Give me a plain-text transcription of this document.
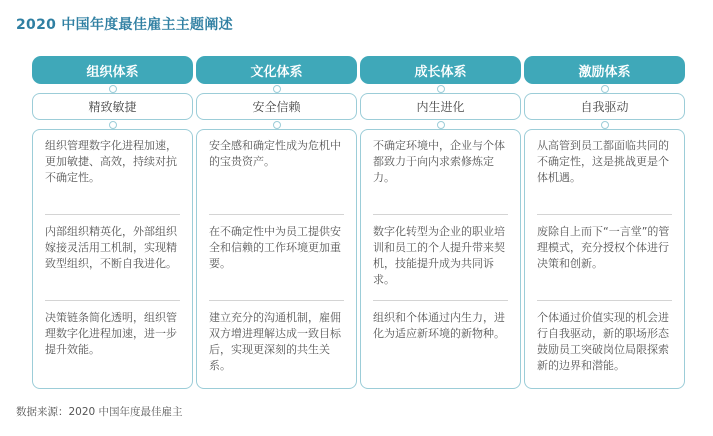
2020 中国年度最佳雇主主题阐述
组织体系
精致敏捷
组织管理数字化进程加速，更加敏捷、高效，持续对抗不确定性。
内部组织精英化，外部组织嫁接灵活用工机制，实现精致型组织，不断自我进化。
决策链条简化透明，组织管理数字化进程加速，进一步提升效能。
文化体系
安全信赖
安全感和确定性成为危机中的宝贵资产。
在不确定性中为员工提供安全和信赖的工作环境更加重要。
建立充分的沟通机制，雇佣双方增进理解达成一致目标后，实现更深刻的共生关系。
成长体系
内生进化
不确定环境中，企业与个体都致力于向内求索修炼定力。
数字化转型为企业的职业培训和员工的个人提升带来契机，技能提升成为共同诉求。
组织和个体通过内生力，进化为适应新环境的新物种。
激励体系
自我驱动
从高管到员工都面临共同的不确定性，这是挑战更是个体机遇。
废除自上而下“一言堂”的管理模式，充分授权个体进行决策和创新。
个体通过价值实现的机会进行自我驱动，新的职场形态鼓励员工突破岗位局限探索新的边界和潜能。
数据来源：2020 中国年度最佳雇主
